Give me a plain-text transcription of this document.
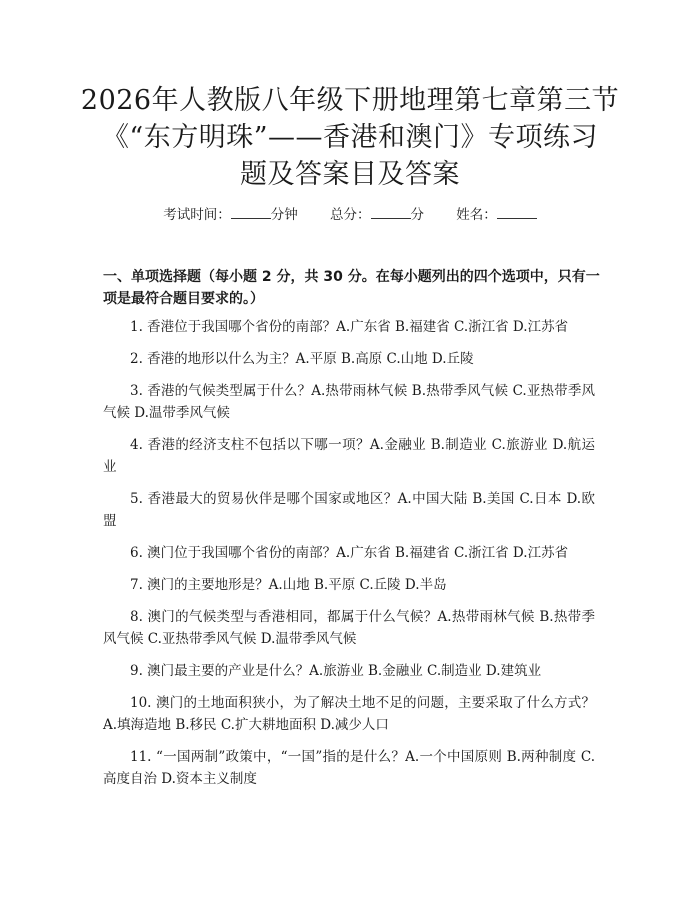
2026年人教版八年级下册地理第七章第三节
《“东方明珠”——香港和澳门》专项练习
题及答案目及答案
考试时间：	分钟 总分：	分 姓名：
一、单项选择题（每小题 2 分，共 30 分。在每小题列出的四个选项中，只有一项是最符合题目要求的。）

1. 香港位于我国哪个省份的南部？A.广东省 B.福建省 C.浙江省 D.江苏省

2. 香港的地形以什么为主？A.平原 B.高原 C.山地 D.丘陵

3. 香港的气候类型属于什么？A.热带雨林气候 B.热带季风气候 C.亚热带季风气候 D.温带季风气候

4. 香港的经济支柱不包括以下哪一项？A.金融业 B.制造业 C.旅游业 D.航运业

5. 香港最大的贸易伙伴是哪个国家或地区？A.中国大陆 B.美国 C.日本 D.欧盟

6. 澳门位于我国哪个省份的南部？A.广东省 B.福建省 C.浙江省 D.江苏省

7. 澳门的主要地形是？A.山地 B.平原 C.丘陵 D.半岛

8. 澳门的气候类型与香港相同，都属于什么气候？A.热带雨林气候 B.热带季风气候 C.亚热带季风气候 D.温带季风气候

9. 澳门最主要的产业是什么？A.旅游业 B.金融业 C.制造业 D.建筑业

10. 澳门的土地面积狭小，为了解决土地不足的问题，主要采取了什么方式？A.填海造地 B.移民 C.扩大耕地面积 D.减少人口

11. “一国两制”政策中，“一国”指的是什么？A.一个中国原则 B.两种制度 C.高度自治 D.资本主义制度
